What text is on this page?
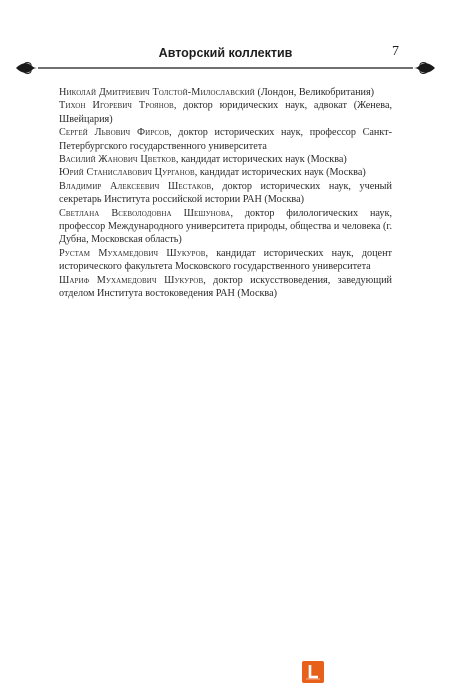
Авторский коллектив	7

Николай Дмитриевич Толстой-Милославский (Лондон, Великобритания)

Тихон Игоревич Троянов, доктор юридических наук, адвокат (Женева, Швейцария)

Сергей Львович Фирсов, доктор исторических наук, профессор Санкт-Петербургского государственного университета

Василий Жанович Цветков, кандидат исторических наук (Москва)

Юрий Станиславович Цурганов, кандидат исторических наук (Москва)

Владимир Алексеевич Шестаков, доктор исторических наук, ученый секретарь Института российской истории РАН (Москва)

Светлана Всеволодовна Шешунова, доктор филологических наук, профессор Международного университета природы, общества и человека (г. Дубна, Московская область)

Рустам Мухамедович Шукуров, кандидат исторических наук, доцент исторического факультета Московского государственного университета

Шариф Мухамедович Шукуров, доктор искусствоведения, заведующий отделом Института востоковедения РАН (Москва)
